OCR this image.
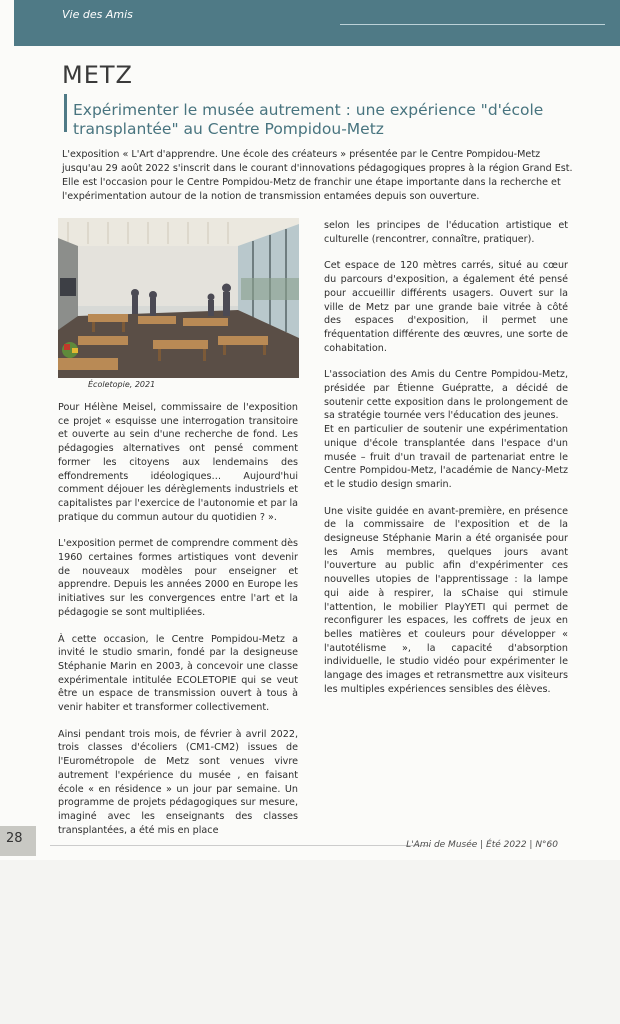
Vie des Amis
METZ
Expérimenter le musée autrement : une expérience "d'école transplantée" au Centre Pompidou-Metz
L'exposition « L'Art d'apprendre. Une école des créateurs » présentée par le Centre Pompidou-Metz jusqu'au 29 août 2022 s'inscrit dans le courant d'innovations pédagogiques propres à la région Grand Est. Elle est l'occasion pour le Centre Pompidou-Metz de franchir une étape importante dans la recherche et l'expérimentation autour de la notion de transmission entamées depuis son ouverture.
Écoletopie, 2021

Pour Hélène Meisel, commissaire de l'exposition ce projet « esquisse une interrogation transitoire et ouverte au sein d'une recherche de fond. Les pédagogies alternatives ont pensé comment former les citoyens aux lendemains des effondrements idéologiques… Aujourd'hui comment déjouer les dérèglements industriels et capitalistes par l'exercice de l'autonomie et par la pratique du commun autour du quotidien ? ».

L'exposition permet de comprendre comment dès 1960 certaines formes artistiques vont devenir de nouveaux modèles pour enseigner et apprendre. Depuis les années 2000 en Europe les initiatives sur les convergences entre l'art et la pédagogie se sont multipliées.

À cette occasion, le Centre Pompidou-Metz a invité le studio smarin, fondé par la designeuse Stéphanie Marin en 2003, à concevoir une classe expérimentale intitulée ECOLETOPIE qui se veut être un espace de transmission ouvert à tous à venir habiter et transformer collectivement.

Ainsi pendant trois mois, de février à avril 2022, trois classes d'écoliers (CM1-CM2) issues de l'Eurométropole de Metz sont venues vivre autrement l'expérience du musée , en faisant école « en résidence » un jour par semaine. Un programme de projets pédagogiques sur mesure, imaginé avec les enseignants des classes transplantées, a été mis en place

selon les principes de l'éducation artistique et culturelle (rencontrer, connaître, pratiquer).

Cet espace de 120 mètres carrés, situé au cœur du parcours d'exposition, a également été pensé pour accueillir différents usagers. Ouvert sur la ville de Metz par une grande baie vitrée à côté des espaces d'exposition, il permet une fréquentation différente des œuvres, une sorte de cohabitation.

L'association des Amis du Centre Pompidou-Metz, présidée par Étienne Guépratte, a décidé de soutenir cette exposition dans le prolongement de sa stratégie tournée vers l'éducation des jeunes.
Et en particulier de soutenir une expérimentation unique d'école transplantée dans l'espace d'un musée – fruit d'un travail de partenariat entre le Centre Pompidou-Metz, l'académie de Nancy-Metz et le studio design smarin.

Une visite guidée en avant-première, en présence de la commissaire de l'exposition et de la designeuse Stéphanie Marin a été organisée pour les Amis membres, quelques jours avant l'ouverture au public afin d'expérimenter ces nouvelles utopies de l'apprentissage : la lampe qui aide à respirer, la sChaise qui stimule l'attention, le mobilier PlayYETI qui permet de reconfigurer les espaces, les coffrets de jeux en belles matières et couleurs pour développer « l'autotélisme », la capacité d'absorption individuelle, le studio vidéo pour expérimenter le langage des images et retransmettre aux visiteurs les multiples expériences sensibles des élèves.

28	L'Ami de Musée | Été 2022 | N°60
